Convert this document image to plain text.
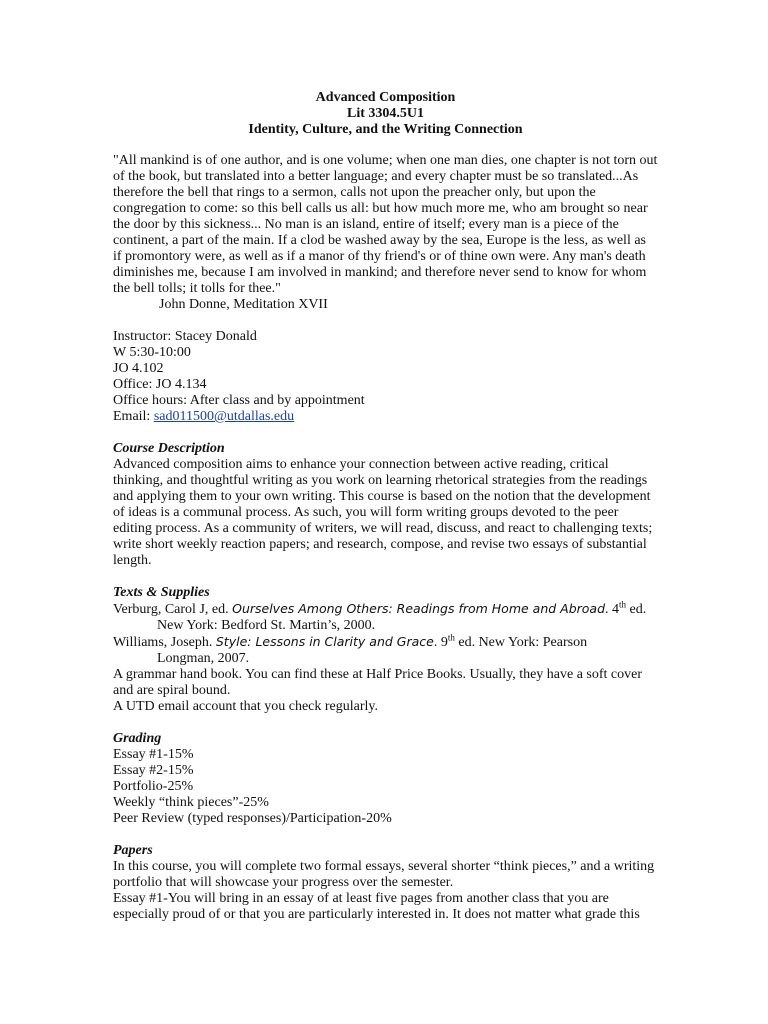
Advanced Composition
Lit 3304.5U1
Identity, Culture, and the Writing Connection

"All mankind is of one author, and is one volume; when one man dies, one chapter is not torn out of the book, but translated into a better language; and every chapter must be so translated...As therefore the bell that rings to a sermon, calls not upon the preacher only, but upon the congregation to come: so this bell calls us all: but how much more me, who am brought so near the door by this sickness... No man is an island, entire of itself; every man is a piece of the continent, a part of the main. If a clod be washed away by the sea, Europe is the less, as well as if promontory were, as well as if a manor of thy friend's or of thine own were. Any man's death diminishes me, because I am involved in mankind; and therefore never send to know for whom the bell tolls; it tolls for thee."

John Donne, Meditation XVII
Instructor: Stacey Donald
W 5:30-10:00
JO 4.102
Office: JO 4.134
Office hours: After class and by appointment
Email: sad011500@utdallas.edu
Course Description

Advanced composition aims to enhance your connection between active reading, critical thinking, and thoughtful writing as you work on learning rhetorical strategies from the readings and applying them to your own writing. This course is based on the notion that the development of ideas is a communal process. As such, you will form writing groups devoted to the peer editing process. As a community of writers, we will read, discuss, and react to challenging texts; write short weekly reaction papers; and research, compose, and revise two essays of substantial length.

Texts & Supplies
Verburg, Carol J, ed. Ourselves Among Others: Readings from Home and Abroad. 4th ed.
New York: Bedford St. Martin’s, 2000.
Williams, Joseph. Style: Lessons in Clarity and Grace. 9th ed. New York: Pearson
Longman, 2007.

A grammar hand book. You can find these at Half Price Books. Usually, they have a soft cover and are spiral bound.

A UTD email account that you check regularly.

Grading
Essay #1-15%
Essay #2-15%
Portfolio-25%
Weekly “think pieces”-25%
Peer Review (typed responses)/Participation-20%
Papers

In this course, you will complete two formal essays, several shorter “think pieces,” and a writing portfolio that will showcase your progress over the semester.

Essay #1-You will bring in an essay of at least five pages from another class that you are especially proud of or that you are particularly interested in. It does not matter what grade this
